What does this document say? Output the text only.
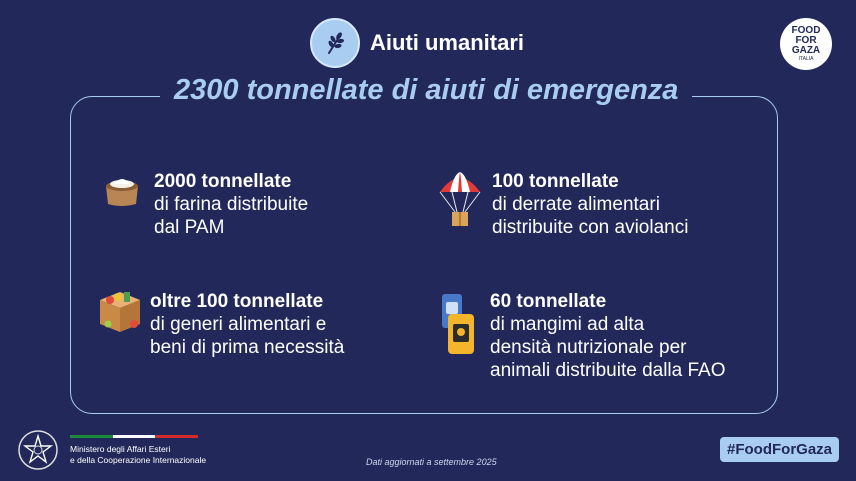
Aiuti umanitari	FOOD
FOR
GAZA
ITALIA
2300 tonnellate di aiuti di emergenza
2000 tonnellate
di farina distribuite
dal PAM
100 tonnellate
di derrate alimentari
distribuite con aviolanci
oltre 100 tonnellate
di generi alimentari e
beni di prima necessità
60 tonnellate
di mangimi ad alta
densità nutrizionale per
animali distribuite dalla FAO
Ministero degli Affari Esteri
e della Cooperazione Internazionale	Dati aggiornati a settembre 2025
#FoodForGaza
